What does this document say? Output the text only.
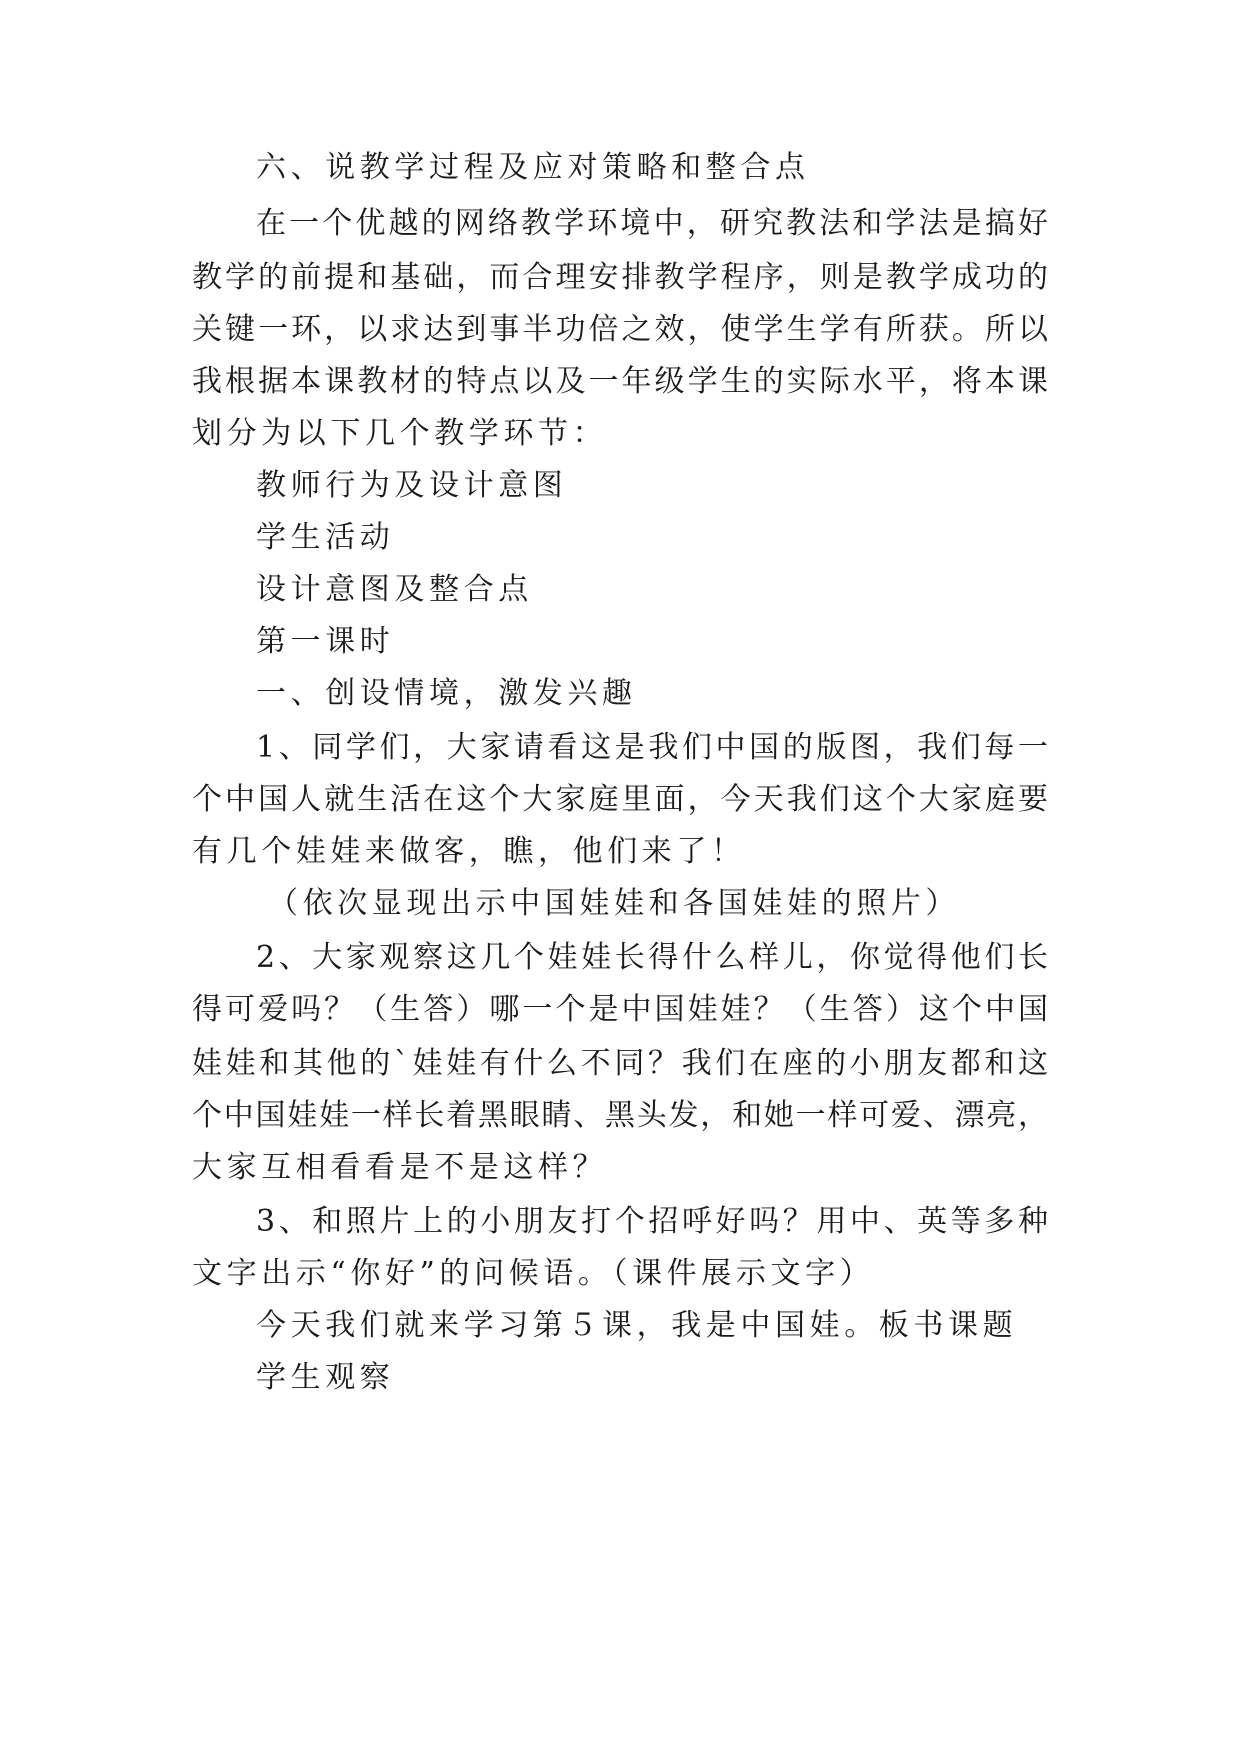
六、说教学过程及应对策略和整合点
在一个优越的网络教学环境中，研究教法和学法是搞好
教学的前提和基础，而合理安排教学程序，则是教学成功的
关键一环，以求达到事半功倍之效，使学生学有所获。所以
我根据本课教材的特点以及一年级学生的实际水平，将本课
划分为以下几个教学环节：
教师行为及设计意图
学生活动
设计意图及整合点
第一课时
一、创设情境，激发兴趣
1、同学们，大家请看这是我们中国的版图，我们每一
个中国人就生活在这个大家庭里面，今天我们这个大家庭要
有几个娃娃来做客，瞧，他们来了！
（依次显现出示中国娃娃和各国娃娃的照片）
2、大家观察这几个娃娃长得什么样儿，你觉得他们长
得可爱吗？（生答）哪一个是中国娃娃？（生答）这个中国
娃娃和其他的`娃娃有什么不同？我们在座的小朋友都和这
个中国娃娃一样长着黑眼睛、黑头发，和她一样可爱、漂亮，
大家互相看看是不是这样？
3、和照片上的小朋友打个招呼好吗？用中、英等多种
文字出示“你好”的问候语。（课件展示文字）
今天我们就来学习第５课，我是中国娃。板书课题
学生观察
